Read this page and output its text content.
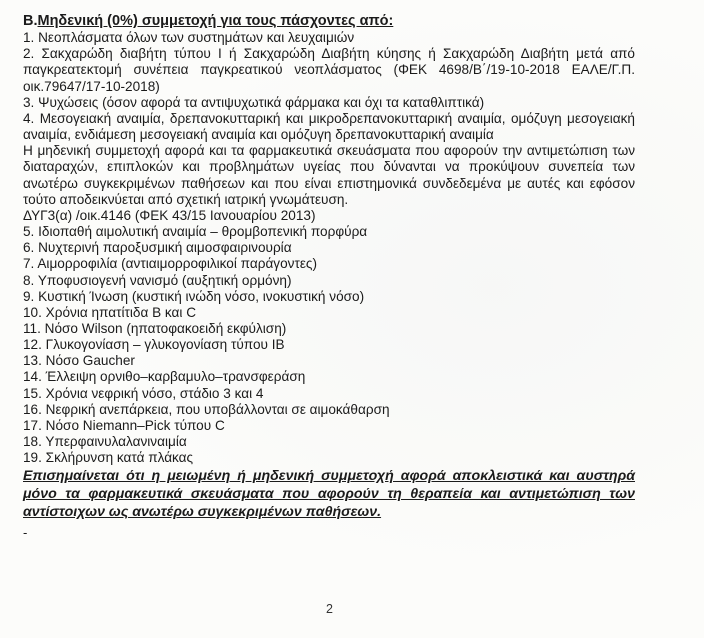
B.Μηδενική (0%) συμμετοχή για τους πάσχοντες από:
1. Νεοπλάσματα όλων των συστημάτων και λευχαιμιών
2. Σακχαρώδη διαβήτη τύπου Ι ή Σακχαρώδη Διαβήτη κύησης ή Σακχαρώδη Διαβήτη μετά από παγκρεατεκτομή συνέπεια παγκρεατικού νεοπλάσματος (ΦΕΚ 4698/Β΄/19-10-2018 ΕΑΛΕ/Γ.Π. οικ.79647/17-10-2018)
3. Ψυχώσεις (όσον αφορά τα αντιψυχωτικά φάρμακα και όχι τα καταθλιπτικά)
4. Μεσογειακή αναιμία, δρεπανοκυτταρική και μικροδρεπανοκυτταρική αναιμία, ομόζυγη μεσογειακή αναιμία, ενδιάμεση μεσογειακή αναιμία και ομόζυγη δρεπανοκυτταρική αναιμία
Η μηδενική συμμετοχή αφορά και τα φαρμακευτικά σκευάσματα που αφορούν την αντιμετώπιση των διαταραχών, επιπλοκών και προβλημάτων υγείας που δύνανται να προκύψουν συνεπεία των ανωτέρω συγκεκριμένων παθήσεων και που είναι επιστημονικά συνδεδεμένα με αυτές και εφόσον τούτο αποδεικνύεται από σχετική ιατρική γνωμάτευση.
ΔΥΓ3(α) /οικ.4146 (ΦΕΚ 43/15 Ιανουαρίου 2013)
5. Ιδιοπαθή αιμολυτική αναιμία – θρομβοπενική πορφύρα
6. Νυχτερινή παροξυσμική αιμοσφαιρινουρία
7. Αιμορροφιλία (αντιαιμορροφιλικοί παράγοντες)
8. Υποφυσιογενή νανισμό (αυξητική ορμόνη)
9. Κυστική Ίνωση (κυστική ινώδη νόσο, ινοκυστική νόσο)
10. Χρόνια ηπατίτιδα Β και C
11. Νόσο Wilson (ηπατοφακοειδή εκφύλιση)
12. Γλυκογονίαση – γλυκογονίαση τύπου ΙΒ
13. Νόσο Gaucher
14. Έλλειψη ορνιθο–καρβαμυλο–τρανσφεράση
15. Χρόνια νεφρική νόσο, στάδιο 3 και 4
16. Νεφρική ανεπάρκεια, που υποβάλλονται σε αιμοκάθαρση
17. Νόσο Niemann–Pick τύπου C
18. Υπερφαινυλαλανιναιμία
19. Σκλήρυνση κατά πλάκας
Επισημαίνεται ότι η μειωμένη ή μηδενική συμμετοχή αφορά αποκλειστικά και αυστηρά μόνο τα φαρμακευτικά σκευάσματα που αφορούν τη θεραπεία και αντιμετώπιση των αντίστοιχων ως ανωτέρω συγκεκριμένων παθήσεων.
-
2
